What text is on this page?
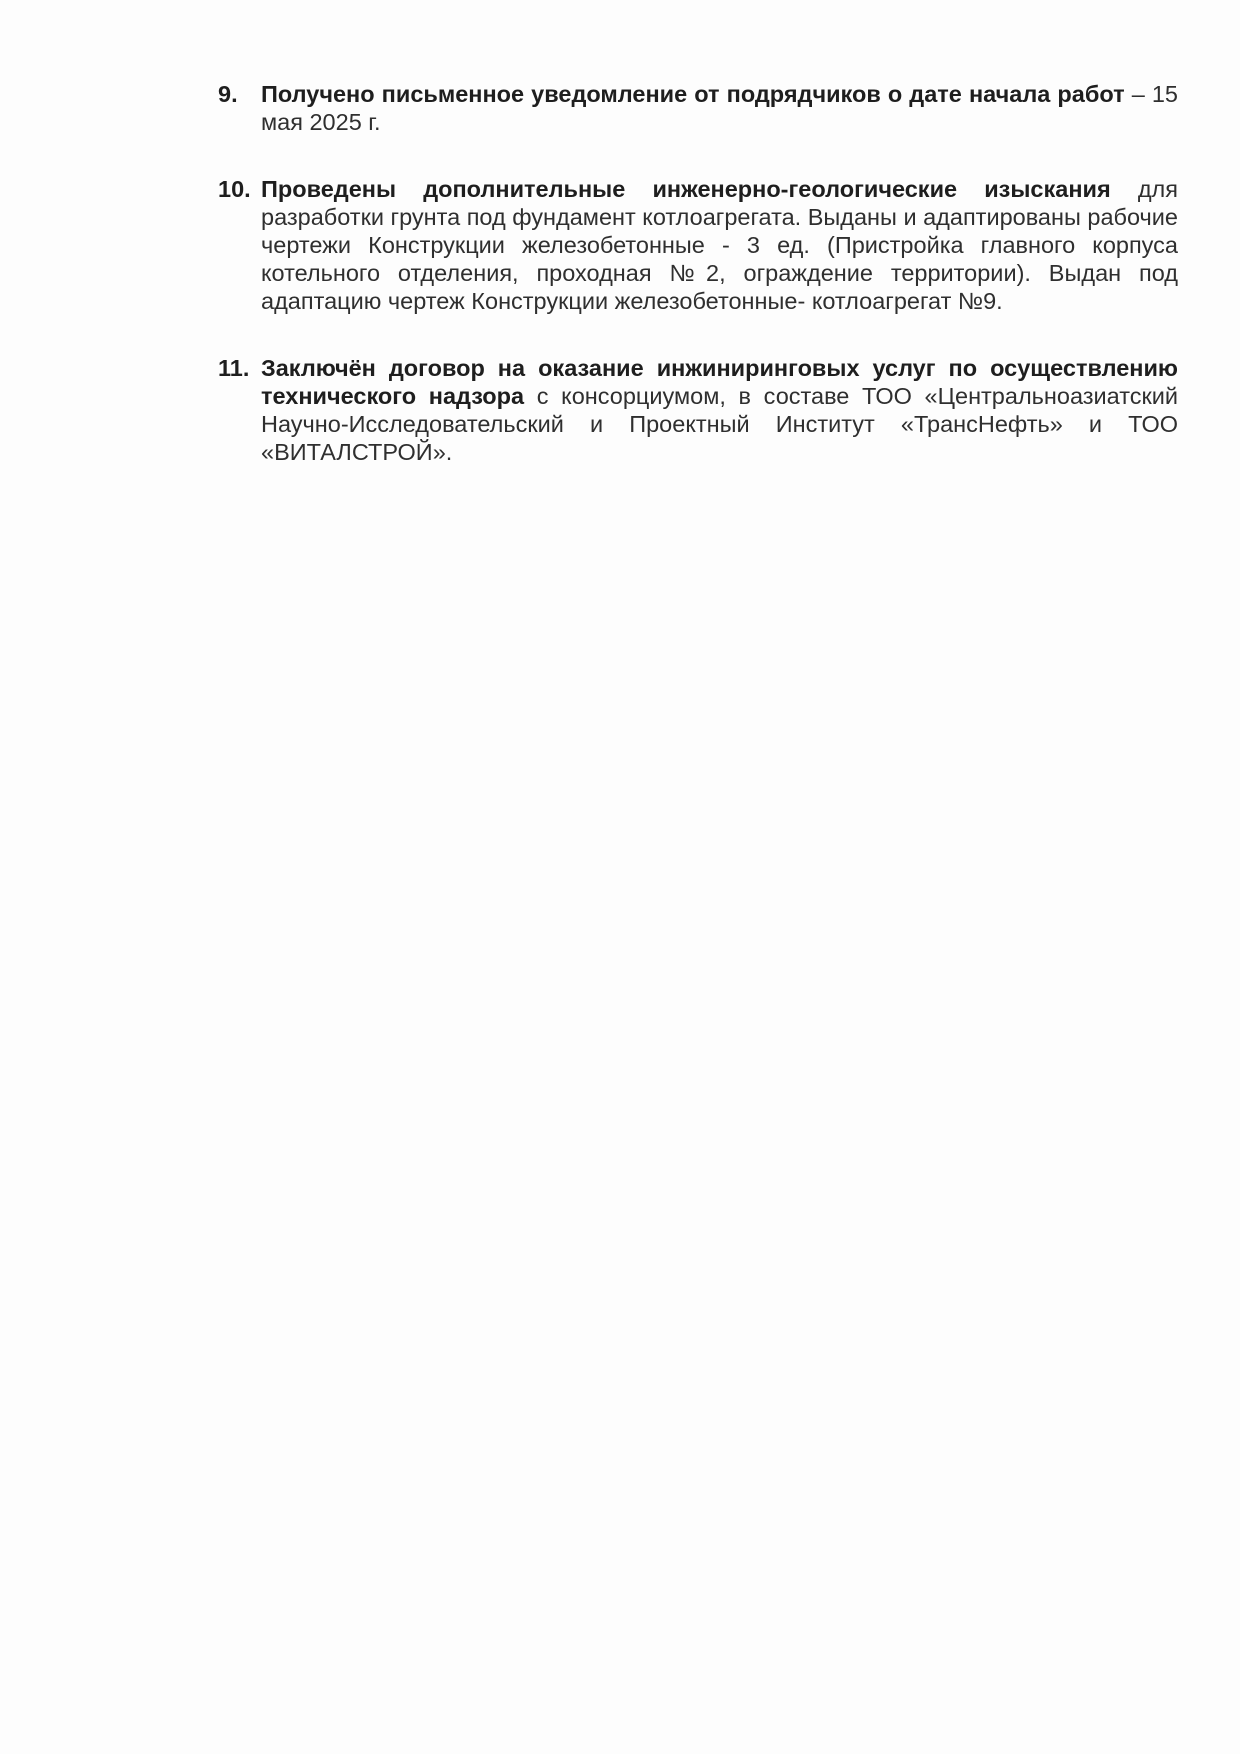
9. Получено письменное уведомление от подрядчиков о дате начала работ – 15 мая 2025 г.
10. Проведены дополнительные инженерно-геологические изыскания для разработки грунта под фундамент котлоагрегата. Выданы и адаптированы рабочие чертежи Конструкции железобетонные - 3 ед. (Пристройка главного корпуса котельного отделения, проходная №2, ограждение территории). Выдан под адаптацию чертеж Конструкции железобетонные- котлоагрегат №9.
11. Заключён договор на оказание инжиниринговых услуг по осуществлению технического надзора с консорциумом, в составе ТОО «Центральноазиатский Научно-Исследовательский и Проектный Институт «ТрансНефть» и ТОО «ВИТАЛСТРОЙ».
